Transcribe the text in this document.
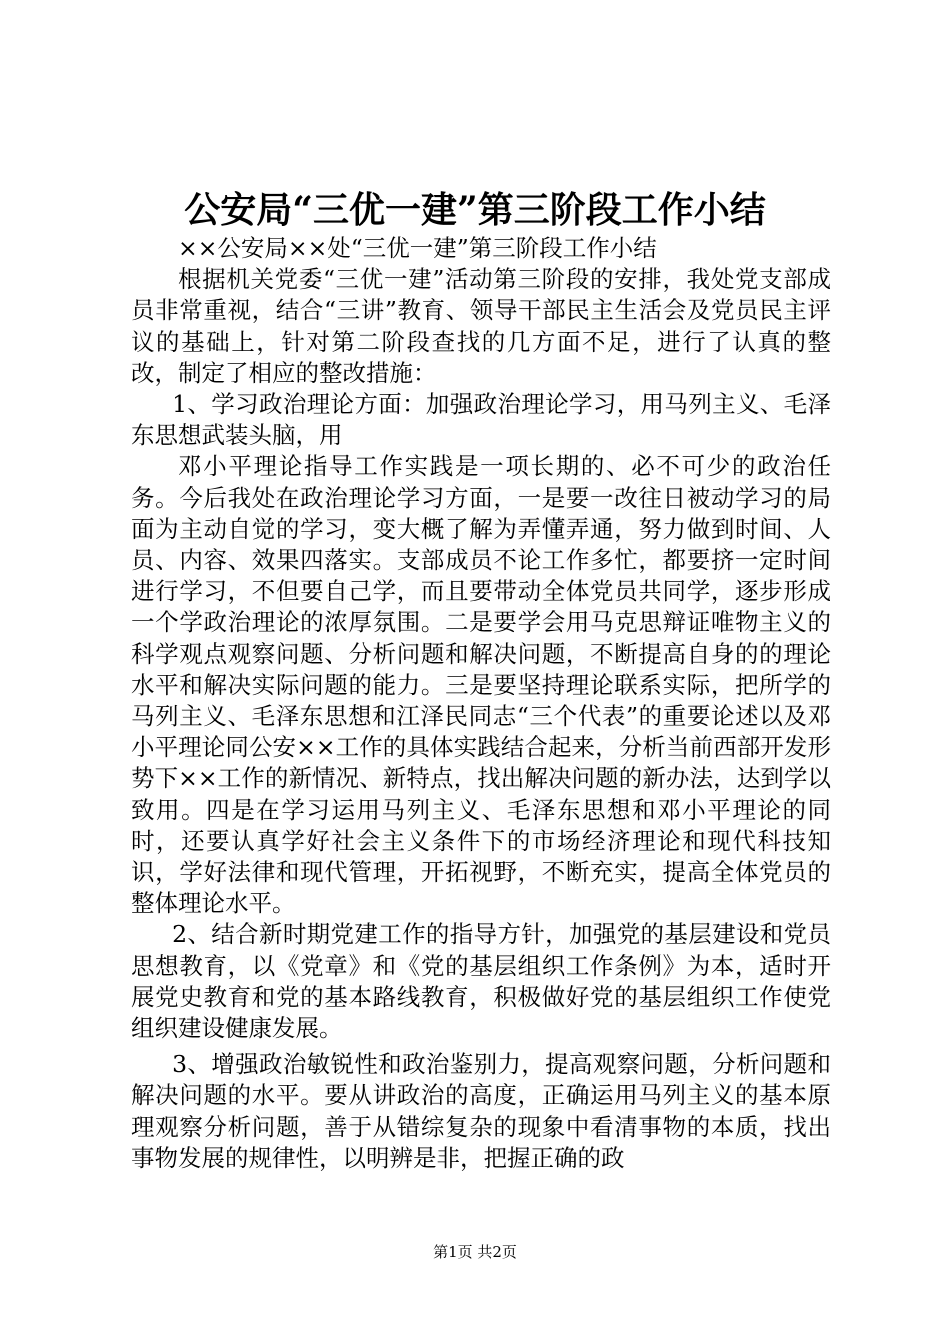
公安局“三优一建”第三阶段工作小结

××公安局××处“三优一建”第三阶段工作小结

根据机关党委“三优一建”活动第三阶段的安排，我处党支部成员非常重视，结合“三讲”教育、领导干部民主生活会及党员民主评议的基础上，针对第二阶段查找的几方面不足，进行了认真的整改，制定了相应的整改措施：

1、学习政治理论方面：加强政治理论学习，用马列主义、毛泽东思想武装头脑，用

邓小平理论指导工作实践是一项长期的、必不可少的政治任务。今后我处在政治理论学习方面，一是要一改往日被动学习的局面为主动自觉的学习，变大概了解为弄懂弄通，努力做到时间、人员、内容、效果四落实。支部成员不论工作多忙，都要挤一定时间进行学习，不但要自己学，而且要带动全体党员共同学，逐步形成一个学政治理论的浓厚氛围。二是要学会用马克思辩证唯物主义的科学观点观察问题、分析问题和解决问题，不断提高自身的的理论水平和解决实际问题的能力。三是要坚持理论联系实际，把所学的马列主义、毛泽东思想和江泽民同志“三个代表”的重要论述以及邓小平理论同公安××工作的具体实践结合起来，分析当前西部开发形势下××工作的新情况、新特点，找出解决问题的新办法，达到学以致用。四是在学习运用马列主义、毛泽东思想和邓小平理论的同时，还要认真学好社会主义条件下的市场经济理论和现代科技知识，学好法律和现代管理，开拓视野，不断充实，提高全体党员的整体理论水平。

2、结合新时期党建工作的指导方针，加强党的基层建设和党员思想教育，以《党章》和《党的基层组织工作条例》为本，适时开展党史教育和党的基本路线教育，积极做好党的基层组织工作使党组织建设健康发展。

3、增强政治敏锐性和政治鉴别力，提高观察问题，分析问题和解决问题的水平。要从讲政治的高度，正确运用马列主义的基本原理观察分析问题，善于从错综复杂的现象中看清事物的本质，找出事物发展的规律性，以明辨是非，把握正确的政

第1页 共2页
